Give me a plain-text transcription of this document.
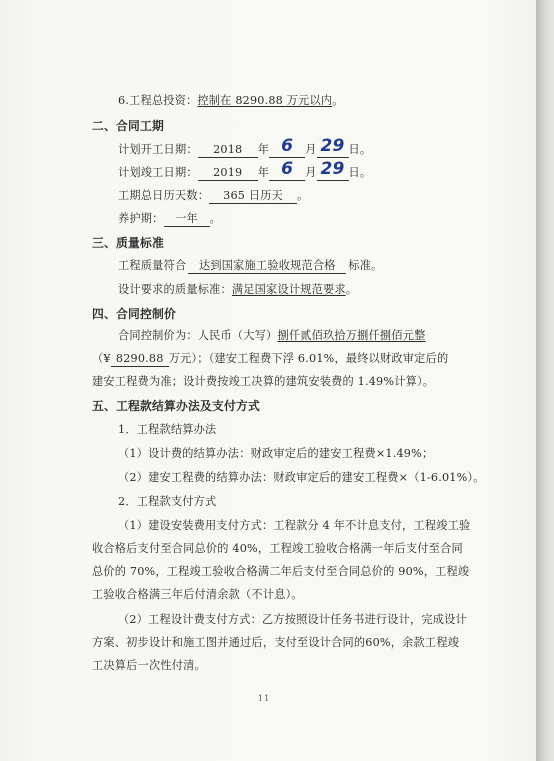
6.工程总投资：控制在 8290.88 万元以内。
二、合同工期
计划开工日期： 2018 年 6 月 29 日。
计划竣工日期： 2019 年 6 月 29 日。
工期总日历天数： 365 日历天 。
养护期： 一年 。
三、质量标准
工程质量符合 达到国家施工验收规范合格 标准。
设计要求的质量标准：满足国家设计规范要求。
四、合同控制价
合同控制价为：人民币（大写）捌仟贰佰玖拾万捌仟捌佰元整
（¥ 8290.88 万元）；（建安工程费下浮 6.01%，最终以财政审定后的
建安工程费为准；设计费按竣工决算的建筑安装费的 1.49%计算）。
五、工程款结算办法及支付方式
1．工程款结算办法
（1）设计费的结算办法：财政审定后的建安工程费×1.49%；
（2）建安工程费的结算办法：财政审定后的建安工程费×（1-6.01%）。
2．工程款支付方式
（1）建设安装费用支付方式：工程款分 4 年不计息支付，工程竣工验
收合格后支付至合同总价的 40%，工程竣工验收合格满一年后支付至合同
总价的 70%，工程竣工验收合格满二年后支付至合同总价的 90%，工程竣
工验收合格满三年后付清余款（不计息）。
（2）工程设计费支付方式：乙方按照设计任务书进行设计，完成设计
方案、初步设计和施工图并通过后，支付至设计合同的60%，余款工程竣
工决算后一次性付清。
11
